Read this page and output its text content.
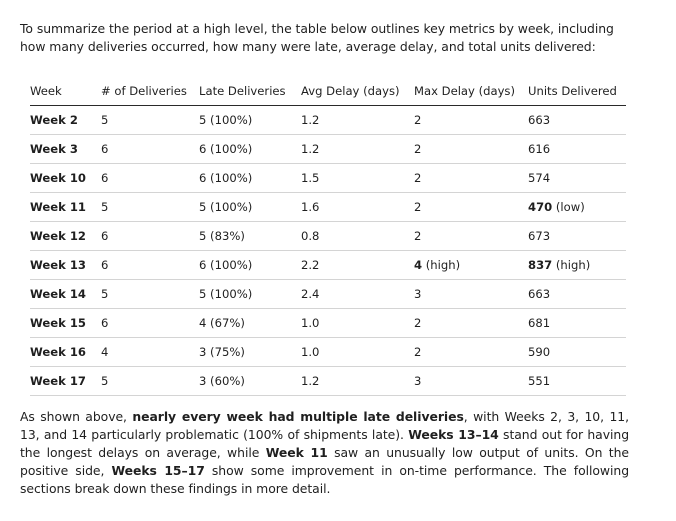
To summarize the period at a high level, the table below outlines key metrics by week, including how many deliveries occurred, how many were late, average delay, and total units delivered:

Week	# of Deliveries	Late Deliveries	Avg Delay (days)	Max Delay (days)	Units Delivered
Week 2	5	5 (100%)	1.2	2	663
Week 3	6	6 (100%)	1.2	2	616
Week 10	6	6 (100%)	1.5	2	574
Week 11	5	5 (100%)	1.6	2	470 (low)
Week 12	6	5 (83%)	0.8	2	673
Week 13	6	6 (100%)	2.2	4 (high)	837 (high)
Week 14	5	5 (100%)	2.4	3	663
Week 15	6	4 (67%)	1.0	2	681
Week 16	4	3 (75%)	1.0	2	590
Week 17	5	3 (60%)	1.2	3	551

As shown above, nearly every week had multiple late deliveries, with Weeks 2, 3, 10, 11, 13, and 14 particularly problematic (100% of shipments late). Weeks 13–14 stand out for having the longest delays on average, while Week 11 saw an unusually low output of units. On the positive side, Weeks 15–17 show some improvement in on-time performance. The following sections break down these findings in more detail.
